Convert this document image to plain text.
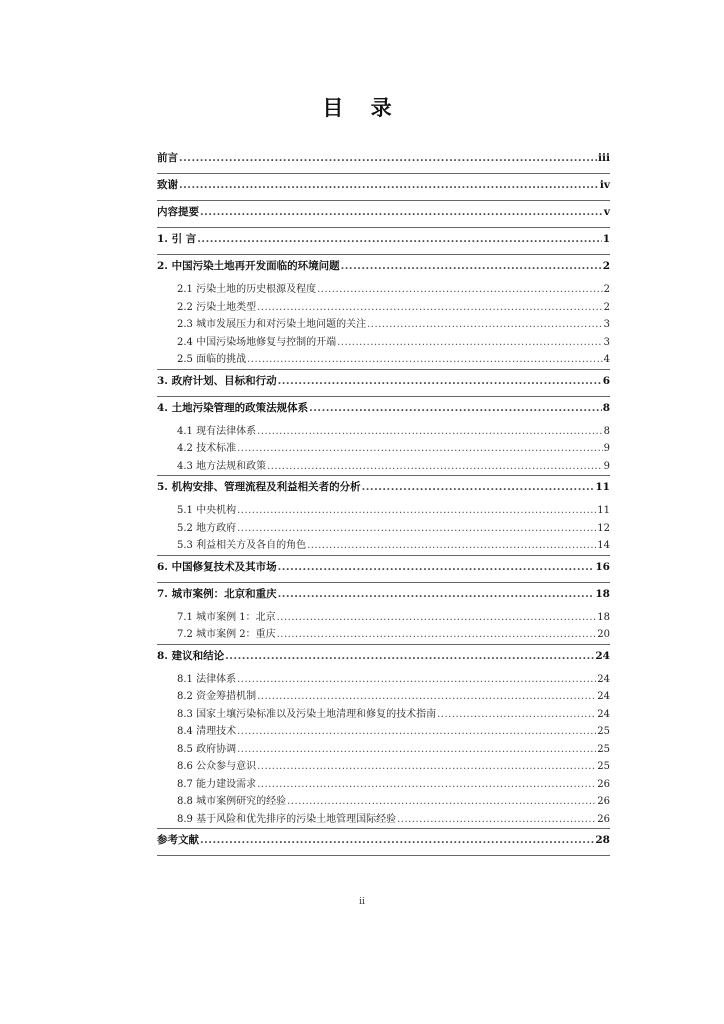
目 录
前言 .....	iii
致谢 .....	iv
内容提要 .....	v
1. 引 言 .....	1
2. 中国污染土地再开发面临的环境问题 .....	2
2.1 污染土地的历史根源及程度 .....	2
2.2 污染土地类型 .....	2
2.3 城市发展压力和对污染土地问题的关注 .....	3
2.4 中国污染场地修复与控制的开端 .....	3
2.5 面临的挑战 .....	4
3. 政府计划、目标和行动 .....	6
4. 土地污染管理的政策法规体系 .....	8
4.1 现有法律体系 .....	8
4.2 技术标准 .....	9
4.3 地方法规和政策 .....	9
5. 机构安排、管理流程及利益相关者的分析 .....	11
5.1 中央机构 .....	11
5.2 地方政府 .....	12
5.3 利益相关方及各自的角色 .....	14
6. 中国修复技术及其市场 .....	16
7. 城市案例：北京和重庆 .....	18
7.1 城市案例 1：北京 .....	18
7.2 城市案例 2：重庆 .....	20
8. 建议和结论 .....	24
8.1 法律体系 .....	24
8.2 资金筹措机制 .....	24
8.3 国家土壤污染标准以及污染土地清理和修复的技术指南 .....	24
8.4 清理技术 .....	25
8.5 政府协调 .....	25
8.6 公众参与意识 .....	25
8.7 能力建设需求 .....	26
8.8 城市案例研究的经验 .....	26
8.9 基于风险和优先排序的污染土地管理国际经验 .....	26
参考文献 .....	28
ii
